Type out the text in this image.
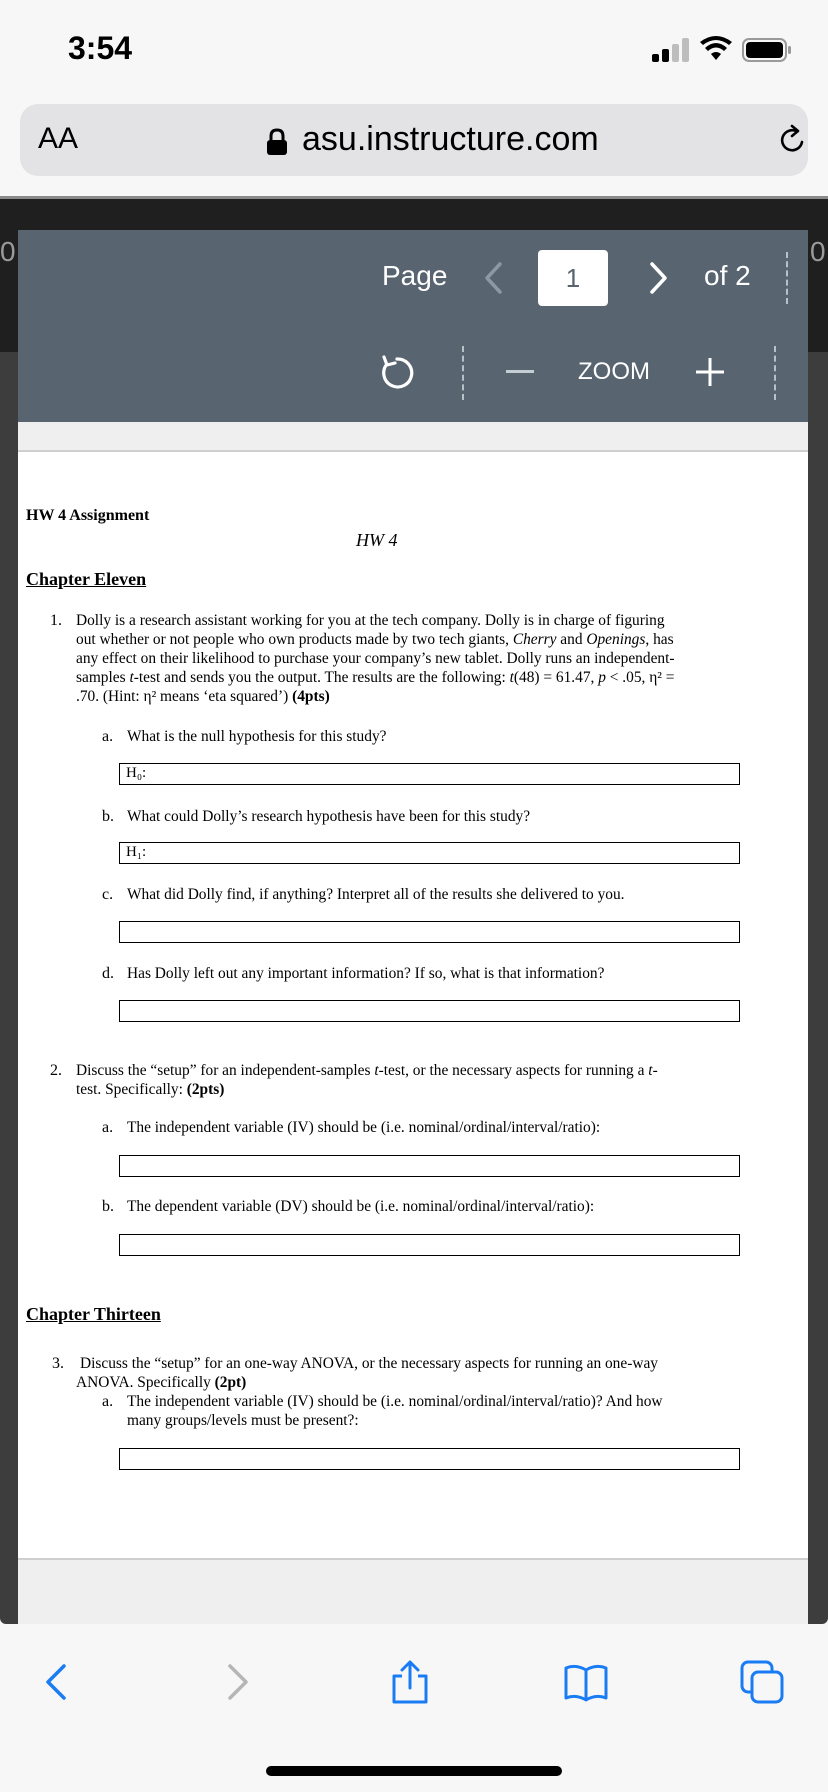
3:54
AA	asu.instructure.com
0	0
Page	1	of 2
ZOOM
HW 4 Assignment
HW 4
Chapter Eleven
1. Dolly is a research assistant working for you at the tech company. Dolly is in charge of figuring
out whether or not people who own products made by two tech giants, Cherry and Openings, has
any effect on their likelihood to purchase your company’s new tablet. Dolly runs an independent-
samples t-test and sends you the output. The results are the following: t(48) = 61.47, p < .05, η² =
.70. (Hint: η² means ‘eta squared’) (4pts)
a. What is the null hypothesis for this study?
H₀:
b. What could Dolly’s research hypothesis have been for this study?
H₁:
c. What did Dolly find, if anything? Interpret all of the results she delivered to you.
d. Has Dolly left out any important information? If so, what is that information?
2. Discuss the “setup” for an independent-samples t-test, or the necessary aspects for running a t-
test. Specifically: (2pts)
a. The independent variable (IV) should be (i.e. nominal/ordinal/interval/ratio):
b. The dependent variable (DV) should be (i.e. nominal/ordinal/interval/ratio):
Chapter Thirteen
3. Discuss the “setup” for an one-way ANOVA, or the necessary aspects for running an one-way
ANOVA. Specifically (2pt)
a. The independent variable (IV) should be (i.e. nominal/ordinal/interval/ratio)? And how
many groups/levels must be present?:
